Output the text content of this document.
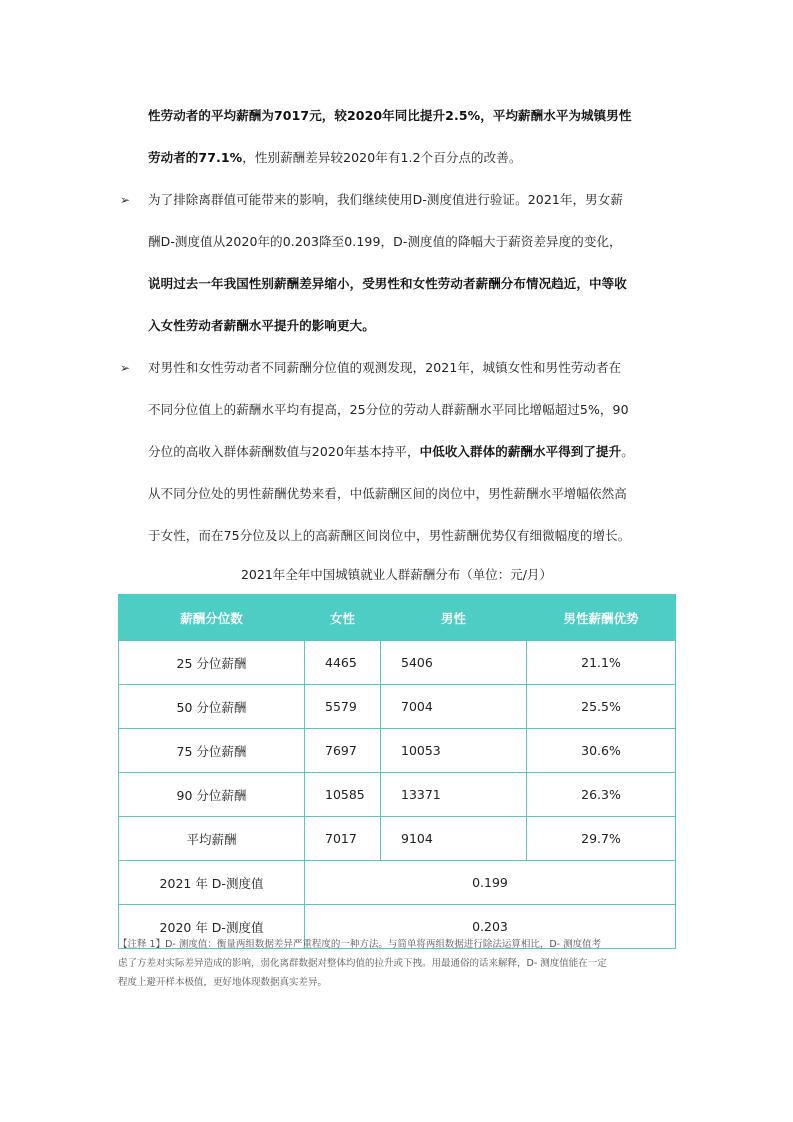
性劳动者的平均薪酬为7017元，较2020年同比提升2.5%，平均薪酬水平为城镇男性
劳动者的77.1%，性别薪酬差异较2020年有1.2个百分点的改善。
➢ 为了排除离群值可能带来的影响，我们继续使用D-测度值进行验证。2021年，男女薪
酬D-测度值从2020年的0.203降至0.199，D-测度值的降幅大于薪资差异度的变化，
说明过去一年我国性别薪酬差异缩小，受男性和女性劳动者薪酬分布情况趋近，中等收
入女性劳动者薪酬水平提升的影响更大。
➢ 对男性和女性劳动者不同薪酬分位值的观测发现，2021年，城镇女性和男性劳动者在
不同分位值上的薪酬水平均有提高，25分位的劳动人群薪酬水平同比增幅超过5%，90
分位的高收入群体薪酬数值与2020年基本持平，中低收入群体的薪酬水平得到了提升。
从不同分位处的男性薪酬优势来看，中低薪酬区间的岗位中，男性薪酬水平增幅依然高
于女性，而在75分位及以上的高薪酬区间岗位中，男性薪酬优势仅有细微幅度的增长。
2021年全年中国城镇就业人群薪酬分布（单位：元/月）
薪酬分位数	女性	男性	男性薪酬优势
25 分位薪酬	4465	5406	21.1%
50 分位薪酬	5579	7004	25.5%
75 分位薪酬	7697	10053	30.6%
90 分位薪酬	10585	13371	26.3%
平均薪酬	7017	9104	29.7%
2021 年 D-测度值	0.199		
2020 年 D-测度值	0.203		
【注释 1】D- 测度值：衡量两组数据差异严重程度的一种方法。与简单将两组数据进行除法运算相比，D- 测度值考
虑了方差对实际差异造成的影响，弱化离群数据对整体均值的拉升或下拽。用最通俗的话来解释，D- 测度值能在一定
程度上避开样本极值，更好地体现数据真实差异。
